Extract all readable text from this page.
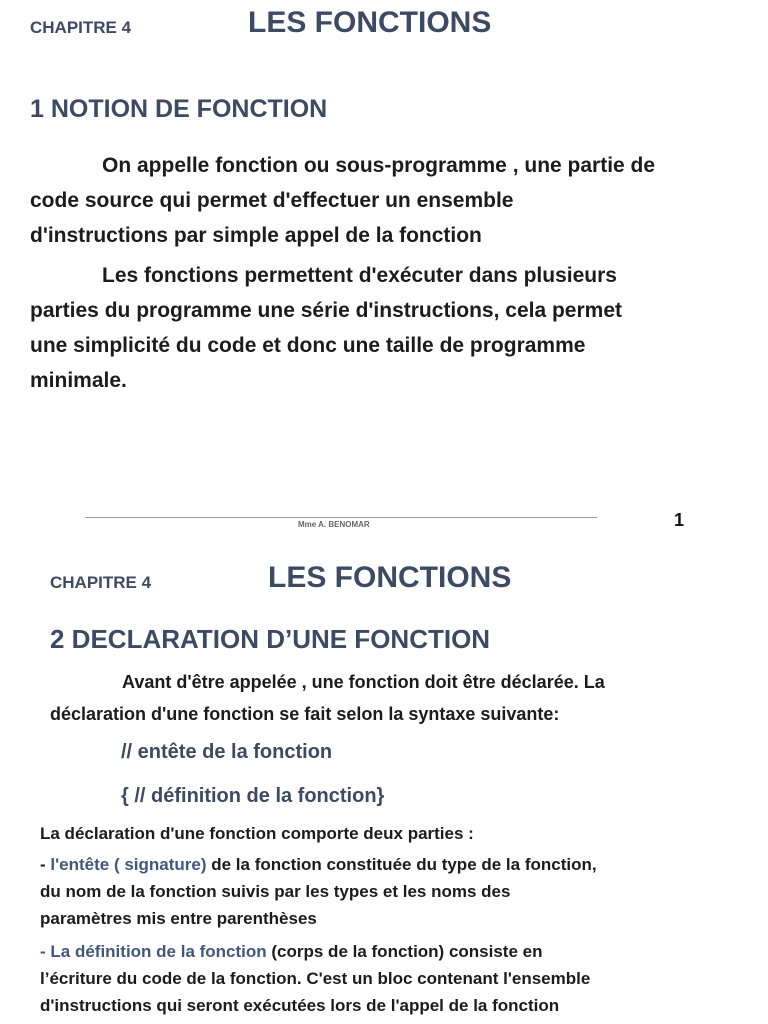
CHAPITRE 4	LES FONCTIONS
1 NOTION DE FONCTION
On appelle fonction ou sous-programme , une partie de
code source qui permet d'effectuer un ensemble
d'instructions par simple appel de la fonction
Les fonctions permettent d'exécuter dans plusieurs
parties du programme une série d'instructions, cela permet
une simplicité du code et donc une taille de programme
minimale.
Mme A. BENOMAR	1
CHAPITRE 4	LES FONCTIONS
2 DECLARATION D’UNE FONCTION
Avant d'être appelée , une fonction doit être déclarée. La
déclaration d'une fonction se fait selon la syntaxe suivante:
// entête de la fonction
{ // définition de la fonction}
La déclaration d'une fonction comporte deux parties :
- l'entête ( signature) de la fonction constituée du type de la fonction,
du nom de la fonction suivis par les types et les noms des
paramètres mis entre parenthèses
- La définition de la fonction (corps de la fonction) consiste en
l’écriture du code de la fonction. C'est un bloc contenant l'ensemble
d'instructions qui seront exécutées lors de l'appel de la fonction
